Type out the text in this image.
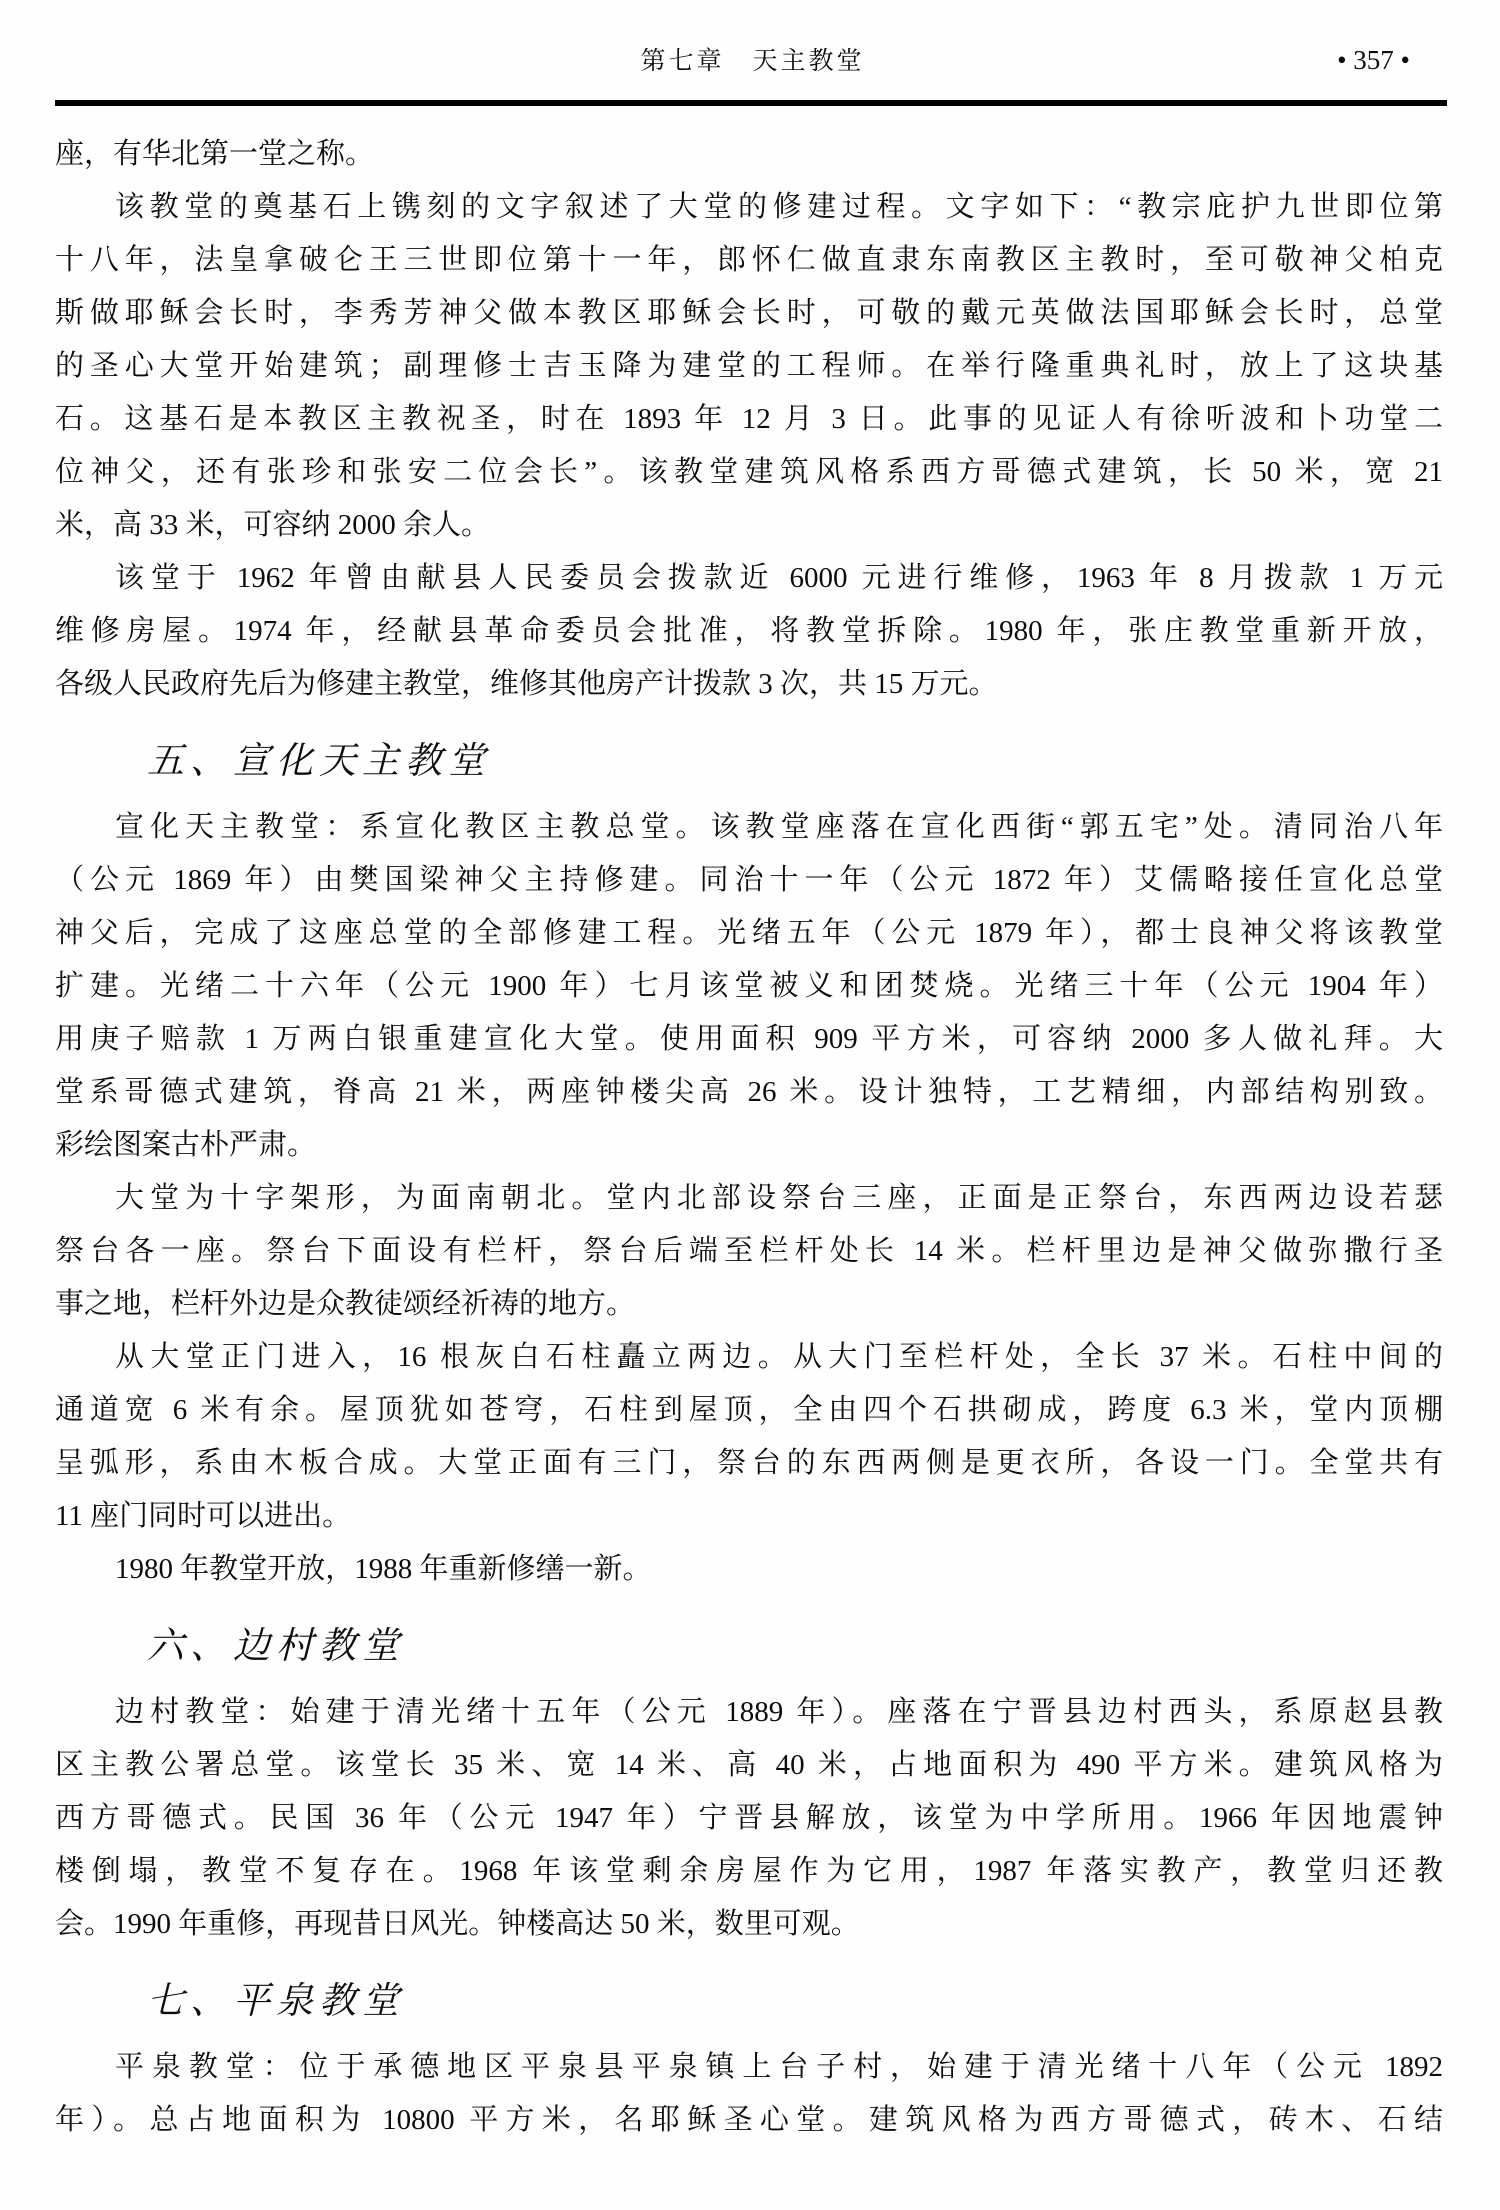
第七章　天主教堂	• 357 •
座，有华北第一堂之称。
该教堂的奠基石上镌刻的文字叙述了大堂的修建过程。文字如下：“教宗庇护九世即位第
十八年，法皇拿破仑王三世即位第十一年，郎怀仁做直隶东南教区主教时，至可敬神父柏克
斯做耶稣会长时，李秀芳神父做本教区耶稣会长时，可敬的戴元英做法国耶稣会长时，总堂
的圣心大堂开始建筑；副理修士吉玉降为建堂的工程师。在举行隆重典礼时，放上了这块基
石。这基石是本教区主教祝圣，时在 1893 年 12 月 3 日。此事的见证人有徐听波和卜功堂二
位神父，还有张珍和张安二位会长”。该教堂建筑风格系西方哥德式建筑，长 50 米，宽 21
米，高 33 米，可容纳 2000 余人。
该堂于 1962 年曾由献县人民委员会拨款近 6000 元进行维修，1963 年 8 月拨款 1 万元
维修房屋。1974 年，经献县革命委员会批准，将教堂拆除。1980 年，张庄教堂重新开放，
各级人民政府先后为修建主教堂，维修其他房产计拨款 3 次，共 15 万元。
五、宣化天主教堂
宣化天主教堂：系宣化教区主教总堂。该教堂座落在宣化西街“郭五宅”处。清同治八年
（公元 1869 年）由樊国梁神父主持修建。同治十一年（公元 1872 年）艾儒略接任宣化总堂
神父后，完成了这座总堂的全部修建工程。光绪五年（公元 1879 年），都士良神父将该教堂
扩建。光绪二十六年（公元 1900 年）七月该堂被义和团焚烧。光绪三十年（公元 1904 年）
用庚子赔款 1 万两白银重建宣化大堂。使用面积 909 平方米，可容纳 2000 多人做礼拜。大
堂系哥德式建筑，脊高 21 米，两座钟楼尖高 26 米。设计独特，工艺精细，内部结构别致。
彩绘图案古朴严肃。
大堂为十字架形，为面南朝北。堂内北部设祭台三座，正面是正祭台，东西两边设若瑟
祭台各一座。祭台下面设有栏杆，祭台后端至栏杆处长 14 米。栏杆里边是神父做弥撒行圣
事之地，栏杆外边是众教徒颂经祈祷的地方。
从大堂正门进入，16 根灰白石柱矗立两边。从大门至栏杆处，全长 37 米。石柱中间的
通道宽 6 米有余。屋顶犹如苍穹，石柱到屋顶，全由四个石拱砌成，跨度 6.3 米，堂内顶棚
呈弧形，系由木板合成。大堂正面有三门，祭台的东西两侧是更衣所，各设一门。全堂共有
11 座门同时可以进出。
1980 年教堂开放，1988 年重新修缮一新。
六、边村教堂
边村教堂：始建于清光绪十五年（公元 1889 年）。座落在宁晋县边村西头，系原赵县教
区主教公署总堂。该堂长 35 米、宽 14 米、高 40 米，占地面积为 490 平方米。建筑风格为
西方哥德式。民国 36 年（公元 1947 年）宁晋县解放，该堂为中学所用。1966 年因地震钟
楼倒塌，教堂不复存在。1968 年该堂剩余房屋作为它用，1987 年落实教产，教堂归还教
会。1990 年重修，再现昔日风光。钟楼高达 50 米，数里可观。
七、平泉教堂
平泉教堂：位于承德地区平泉县平泉镇上台子村，始建于清光绪十八年（公元 1892
年）。总占地面积为 10800 平方米，名耶稣圣心堂。建筑风格为西方哥德式，砖木、石结
